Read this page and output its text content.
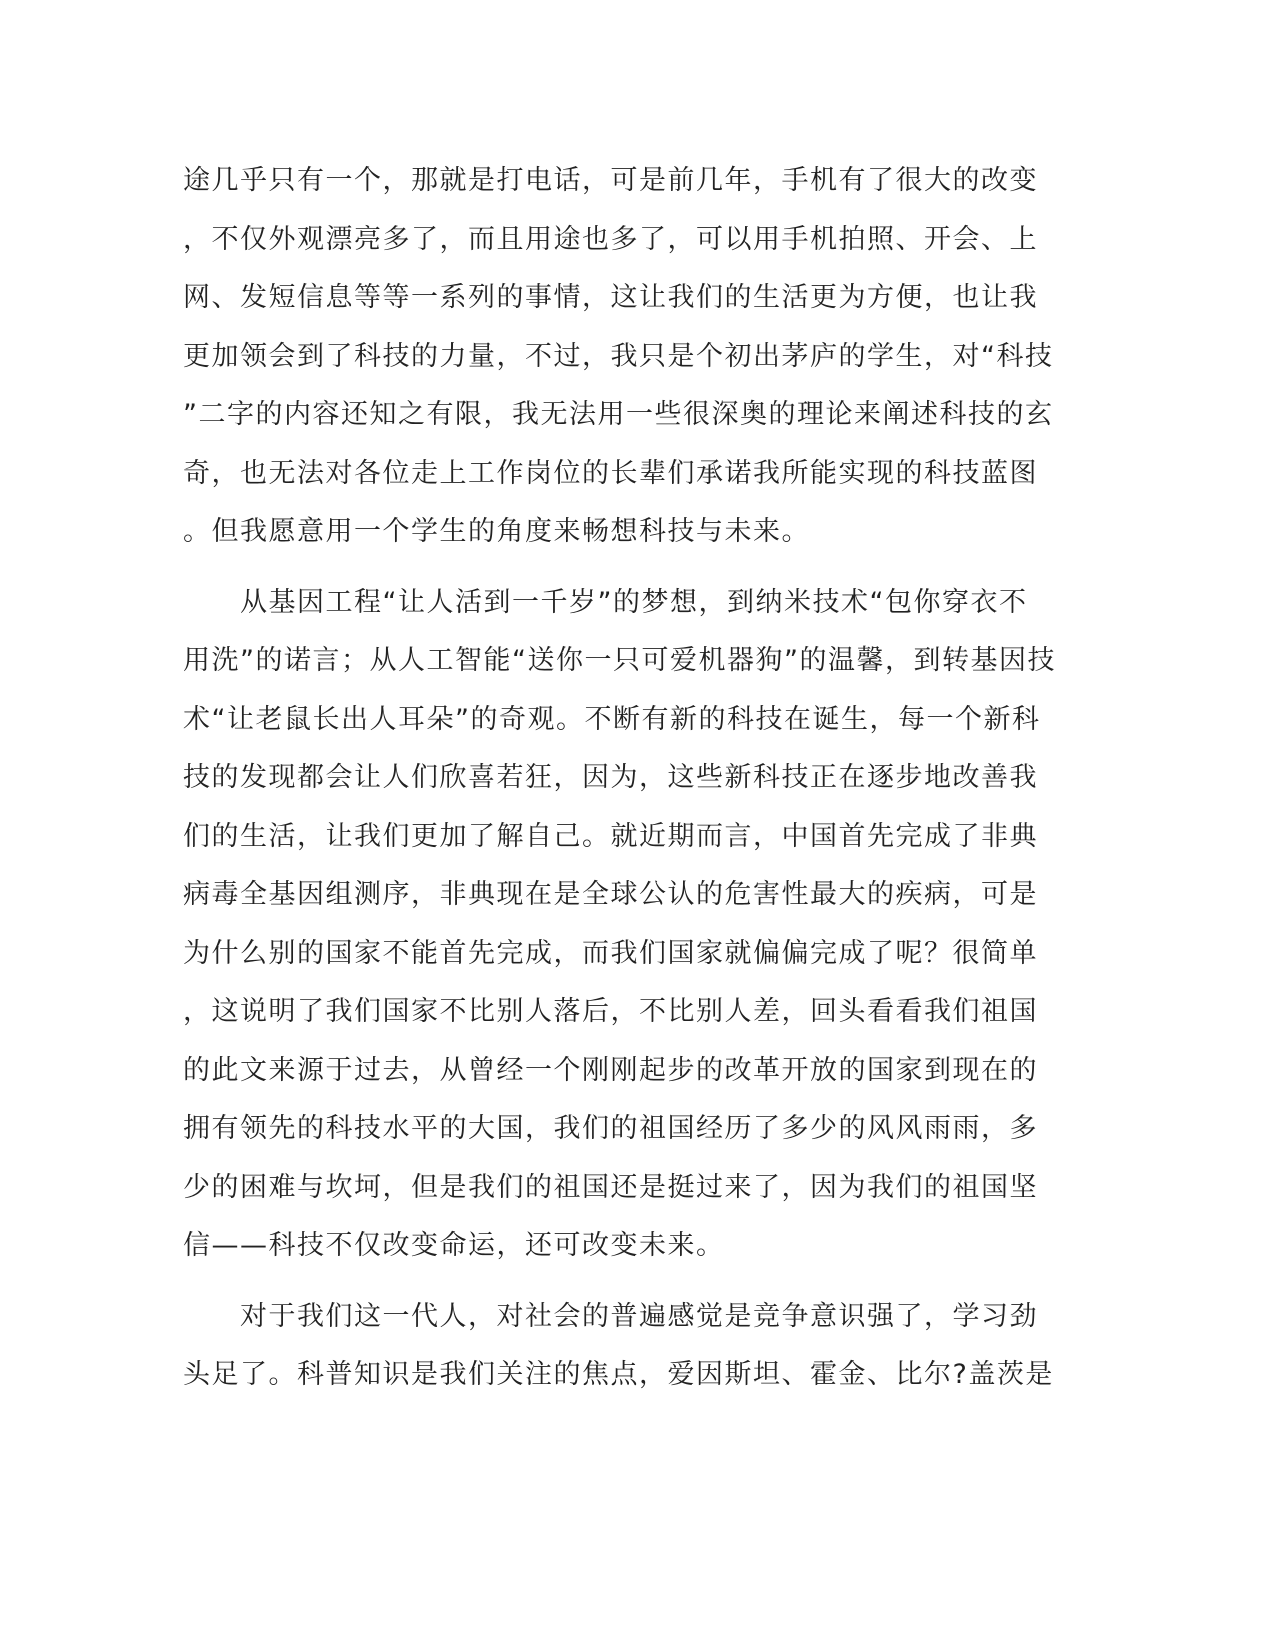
途几乎只有一个，那就是打电话，可是前几年，手机有了很大的改变
，不仅外观漂亮多了，而且用途也多了，可以用手机拍照、开会、上
网、发短信息等等一系列的事情，这让我们的生活更为方便，也让我
更加领会到了科技的力量，不过，我只是个初出茅庐的学生，对“科技
”二字的内容还知之有限，我无法用一些很深奥的理论来阐述科技的玄
奇，也无法对各位走上工作岗位的长辈们承诺我所能实现的科技蓝图
。但我愿意用一个学生的角度来畅想科技与未来。
　　从基因工程“让人活到一千岁”的梦想，到纳米技术“包你穿衣不
用洗”的诺言；从人工智能“送你一只可爱机器狗”的温馨，到转基因技
术“让老鼠长出人耳朵”的奇观。不断有新的科技在诞生，每一个新科
技的发现都会让人们欣喜若狂，因为，这些新科技正在逐步地改善我
们的生活，让我们更加了解自己。就近期而言，中国首先完成了非典
病毒全基因组测序，非典现在是全球公认的危害性最大的疾病，可是
为什么别的国家不能首先完成，而我们国家就偏偏完成了呢？很简单
，这说明了我们国家不比别人落后，不比别人差，回头看看我们祖国
的此文来源于过去，从曾经一个刚刚起步的改革开放的国家到现在的
拥有领先的科技水平的大国，我们的祖国经历了多少的风风雨雨，多
少的困难与坎坷，但是我们的祖国还是挺过来了，因为我们的祖国坚
信——科技不仅改变命运，还可改变未来。
　　对于我们这一代人，对社会的普遍感觉是竞争意识强了，学习劲
头足了。科普知识是我们关注的焦点，爱因斯坦、霍金、比尔?盖茨是
